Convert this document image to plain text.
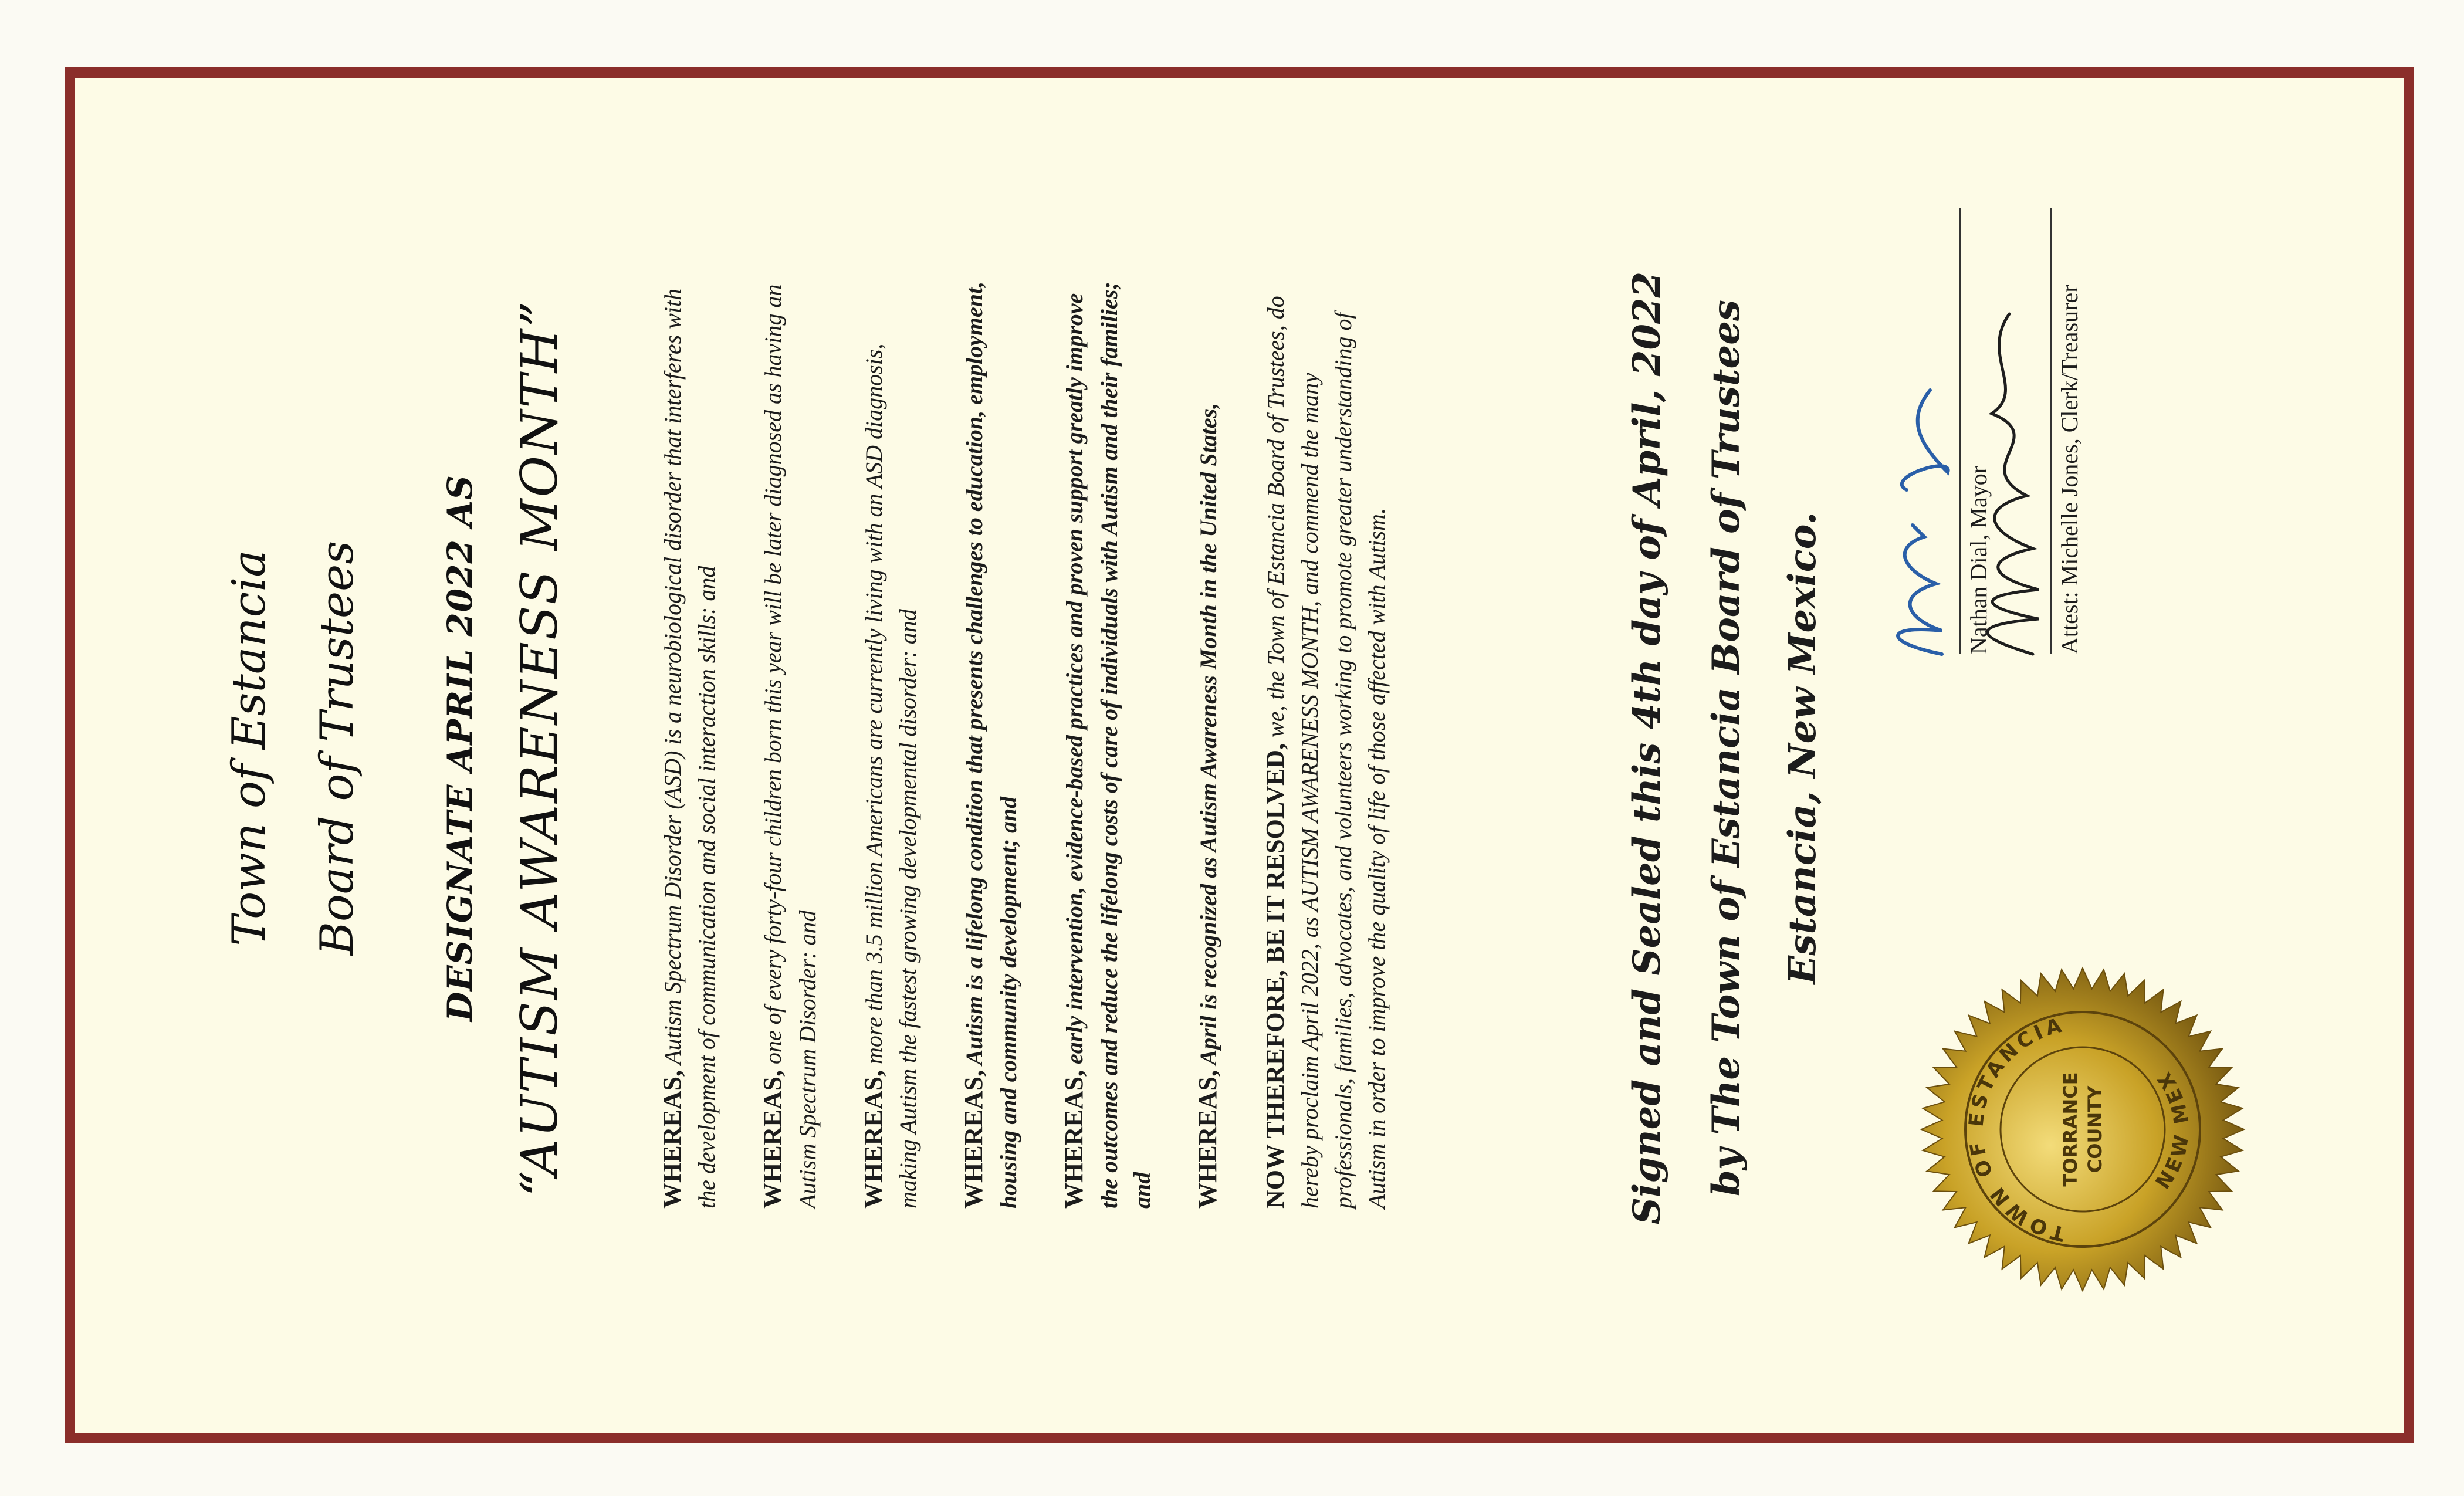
Town of Estancia Board of Trustees DESIGNATE APRIL 2022 AS “AUTISM AWARENESS MONTH”	WHEREAS, Autism Spectrum Disorder (ASD) is a neurobiological disorder that interferes with the development of communication and social interaction skills: and WHEREAS, one of every forty-four children born this year will be later diagnosed as having an Autism Spectrum Disorder: and WHEREAS, more than 3.5 million Americans are currently living with an ASD diagnosis, making Autism the fastest growing developmental disorder: and WHEREAS, Autism is a lifelong condition that presents challenges to education, employment, housing and community development; and WHEREAS, early intervention, evidence-based practices and proven support greatly improve the outcomes and reduce the lifelong costs of care of individuals with Autism and their families; and WHEREAS, April is recognized as Autism Awareness Month in the United States, NOW THEREFORE, BE IT RESOLVED, we, the Town of Estancia Board of Trustees, do hereby proclaim April 2022, as AUTISM AWARENESS MONTH, and commend the many professionals, families, advocates, and volunteers working to promote greater understanding of Autism in order to improve the quality of life of those affected with Autism.	Signed and Sealed this 4th day of April, 2022 by The Town of Estancia Board of Trustees Estancia, New Mexico.
TOWN OF ESTANCIA
NEW MEX
TORRANCE COUNTY
Nathan Dial, Mayor	Attest: Michelle Jones, Clerk/Treasurer
